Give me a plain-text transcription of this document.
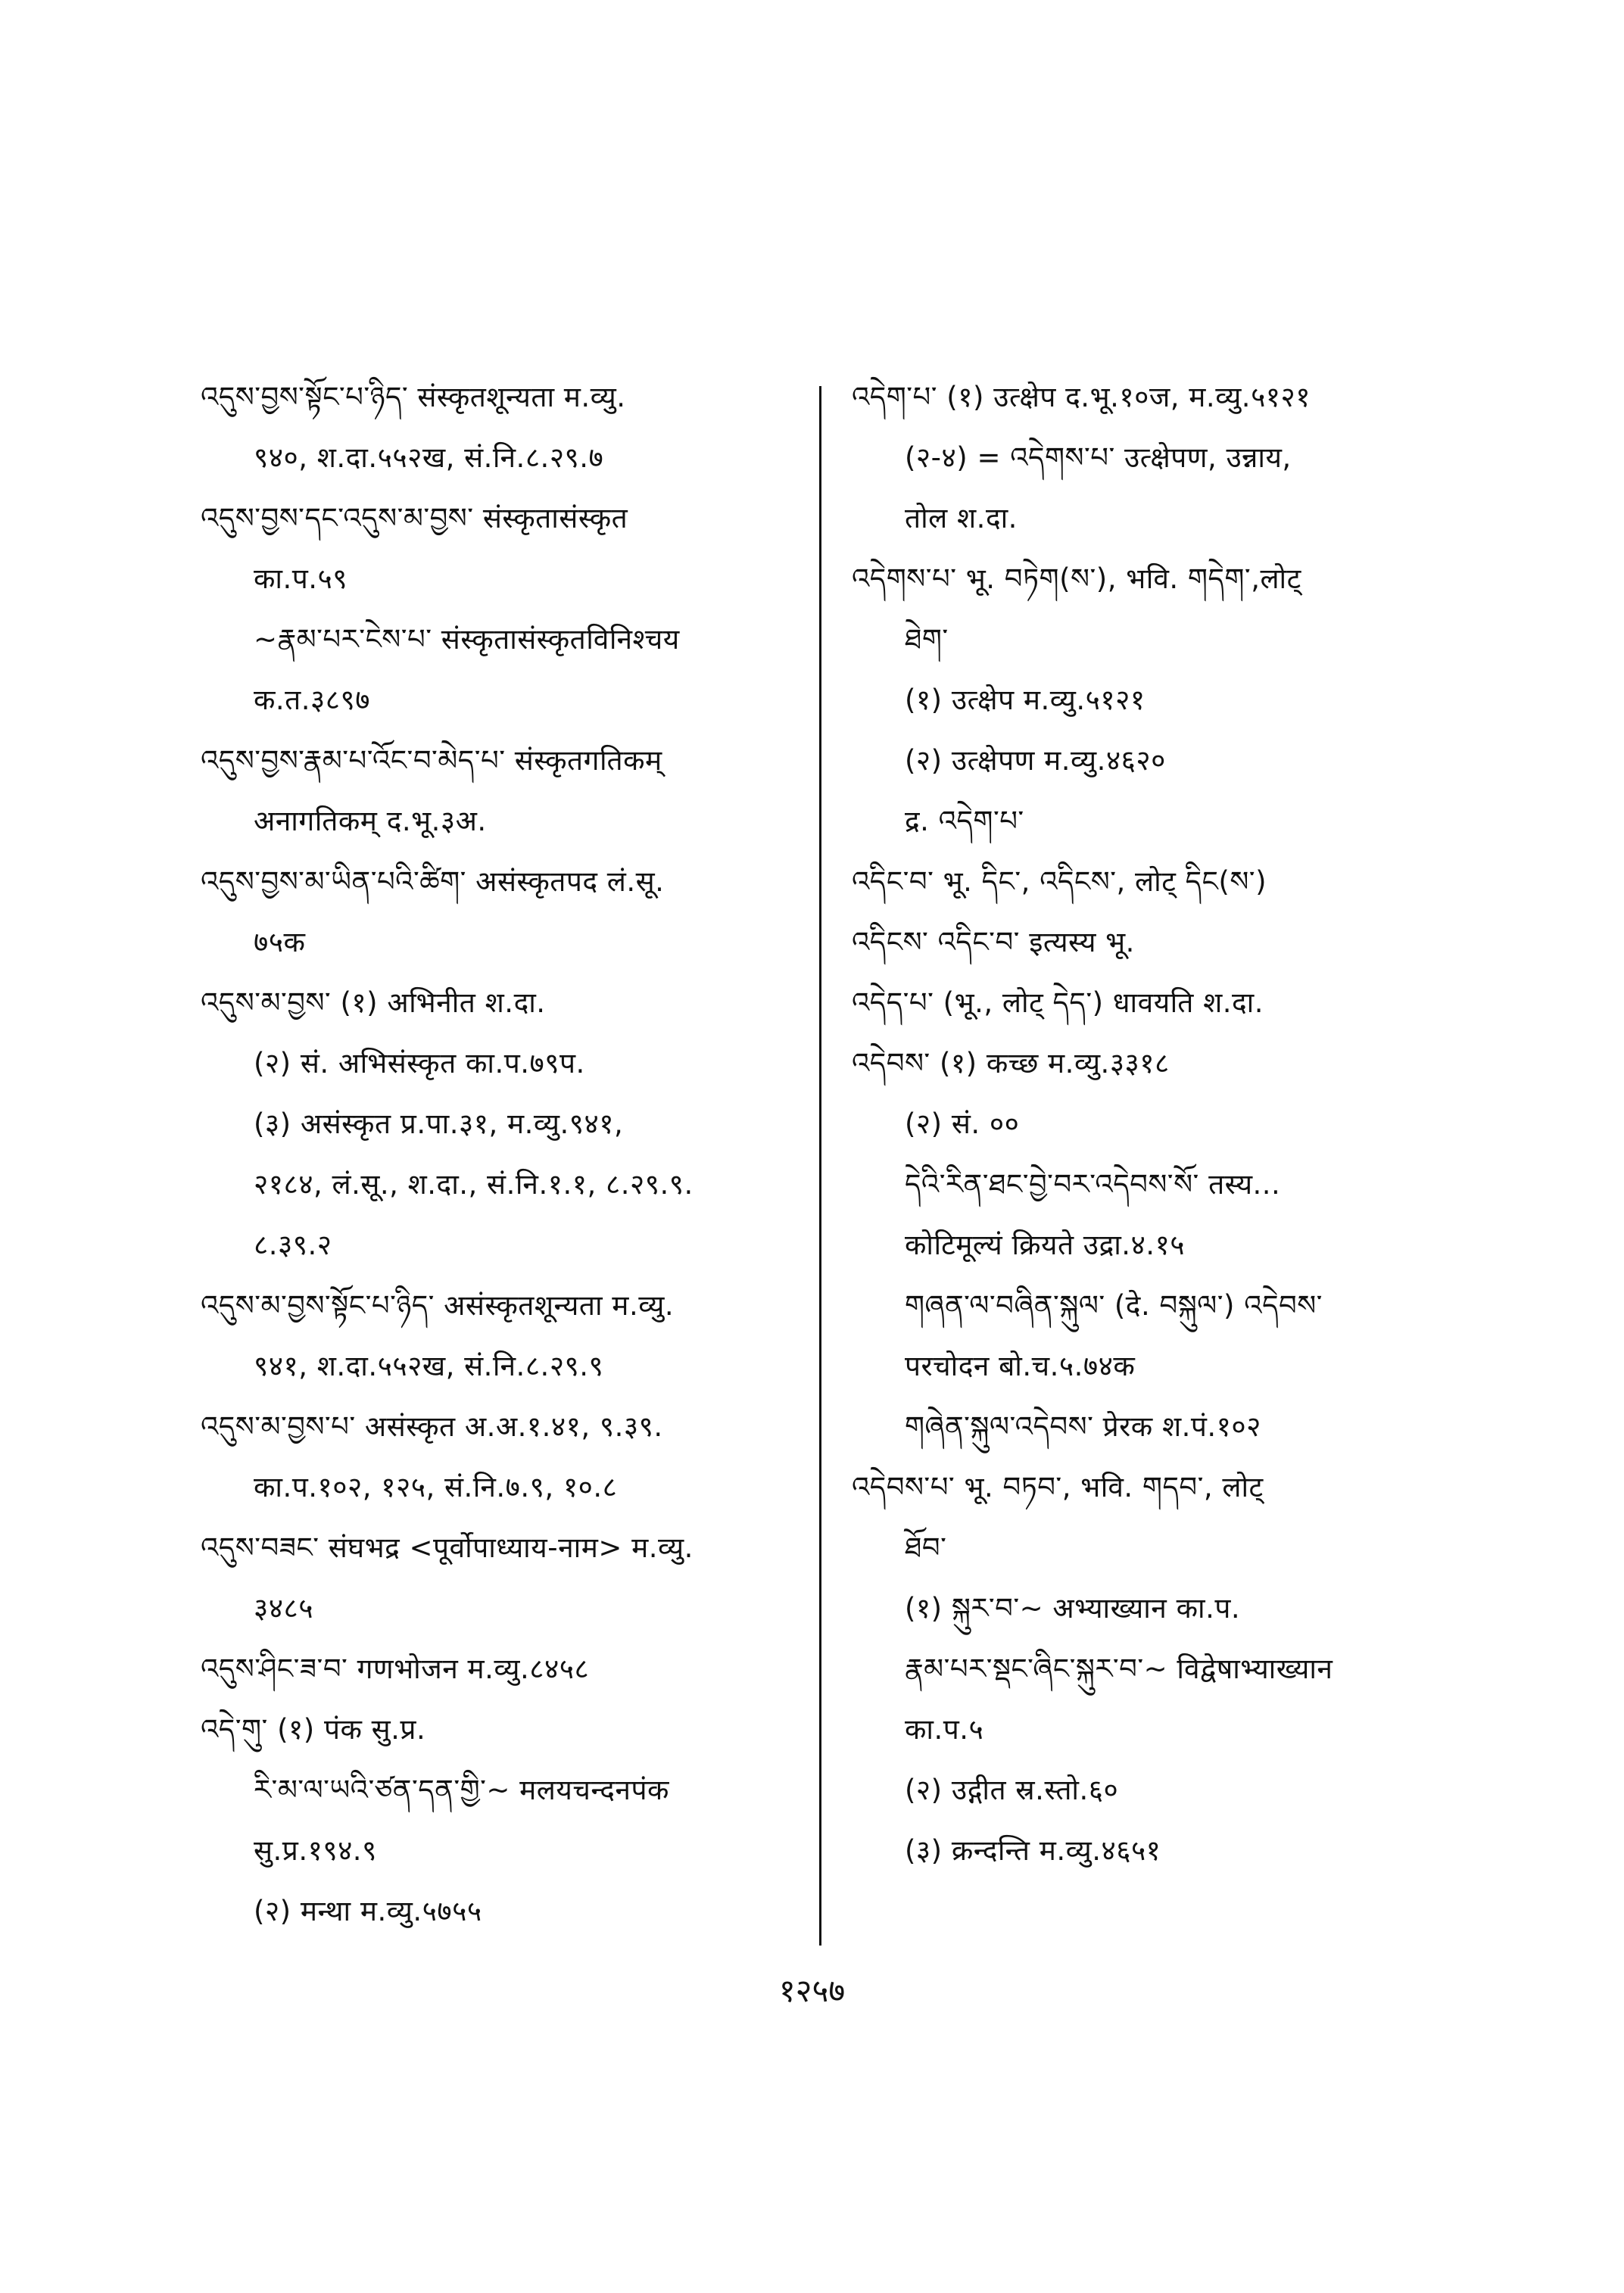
འདུས་བྱས་སྟོང་པ་ཉིད་ संस्कृतशून्यता म.व्यु.
९४०, श.दा.५५२ख, सं.नि.८.२९.७
འདུས་བྱས་དང་འདུས་མ་བྱས་ संस्कृतासंस्कृत
का.प.५९
~རྣམ་པར་ངེས་པ་ संस्कृतासंस्कृतविनिश्चय
क.त.३८९७
འདུས་བྱས་རྣམ་པ་འོང་བ་མེད་པ་ संस्कृतगतिकम्
अनागतिकम् द.भू.३अ.
འདུས་བྱས་མ་ཡིན་པའི་ཚིག་ असंस्कृतपद लं.सू.
७५क
འདུས་མ་བྱས་ (१) अभिनीत श.दा.
(२) सं. अभिसंस्कृत का.प.७९प.
(३) असंस्कृत प्र.पा.३१, म.व्यु.९४१,
२१८४, लं.सू., श.दा., सं.नि.१.१, ८.२९.९.
८.३९.२
འདུས་མ་བྱས་སྟོང་པ་ཉིད་ असंस्कृतशून्यता म.व्यु.
९४१, श.दा.५५२ख, सं.नि.८.२९.९
འདུས་མ་བྱས་པ་ असंस्कृत अ.अ.१.४१, ९.३९.
का.प.१०२, १२५, सं.नि.७.९, १०.८
འདུས་བཟང་ संघभद्र <पूर्वोपाध्याय-नाम> म.व्यु.
३४८५
འདུས་ཤིང་ཟ་བ་ गणभोजन म.व्यु.८४५८
འདེ་གུ་ (१) पंक सु.प्र.
རི་མ་ལ་ཡའི་ཙན་དན་གྱི་~ मलयचन्दनपंक
सु.प्र.१९४.९
(२) मन्था म.व्यु.५७५५
འདེག་པ་ (१) उत्क्षेप द.भू.१०ज, म.व्यु.५१२१
(२-४) = འདེགས་པ་ उत्क्षेपण, उन्नाय,
तोल श.दा.
འདེགས་པ་ भू. བཏེག(ས་), भवि. གདེག་,लोट्
ཐེག་
(१) उत्क्षेप म.व्यु.५१२१
(२) उत्क्षेपण म.व्यु.४६२०
द्र. འདེག་པ་
འདིང་བ་ भू. དིང་, འདིངས་, लोट् དིང(ས་)
འདིངས་ འདིང་བ་ इत्यस्य भू.
འདེད་པ་ (भू., लोट् དེད་) धावयति श.दा.
འདེབས་ (१) कच्छ म.व्यु.३३१८
(२) सं. ००
དེའི་རིན་ཐང་བྱེ་བར་འདེབས་སོ་ तस्य...
कोटिमूल्यं क्रियते उद्रा.४.१५
གཞན་ལ་བཞིན་སྐུལ་ (दे. བསྐུལ་) འདེབས་
परचोदन बो.च.५.७४क
གཞེན་སྐུལ་འདེབས་ प्रेरक श.पं.१०२
འདེབས་པ་ भू. བཏབ་, भवि. གདབ་, लोट्
ཐོབ་
(१) སྐུར་བ་~ अभ्याख्यान का.प.
རྣམ་པར་སྡང་ཞིང་སྐུར་བ་~ विद्वेषाभ्याख्यान
का.प.५
(२) उद्गीत स्र.स्तो.६०
(३) क्रन्दन्ति म.व्यु.४६५१
१२५७
